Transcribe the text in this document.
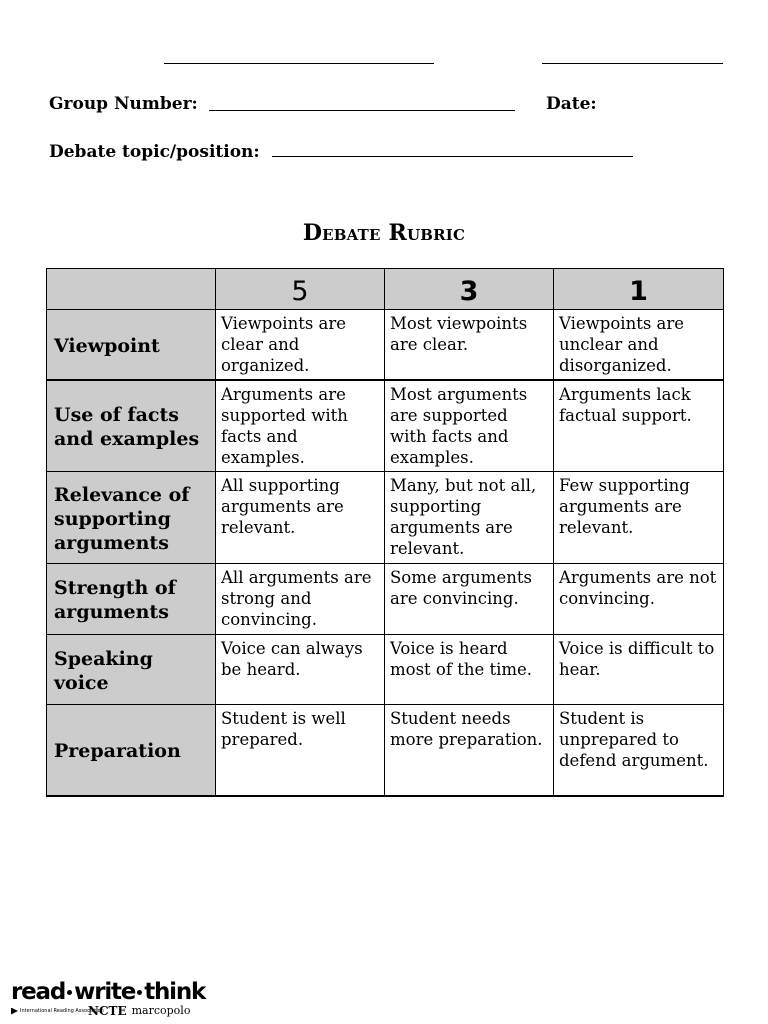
Group Number:	Date:
Debate topic/position:
Debate Rubric
	5	3	1
Viewpoint	Viewpoints are clear and organized.	Most viewpoints are clear.	Viewpoints are unclear and disorganized.
Use of facts and examples	Arguments are supported with facts and examples.	Most arguments are supported with facts and examples.	Arguments lack factual support.
Relevance of supporting arguments	All supporting arguments are relevant.	Many, but not all, supporting arguments are relevant.	Few supporting arguments are relevant.
Strength of arguments	All arguments are strong and convincing.	Some arguments are convincing.	Arguments are not convincing.
Speaking voice	Voice can always be heard.	Voice is heard most of the time.	Voice is difficult to hear.
Preparation	Student is well prepared.	Student needs more preparation.	Student is unprepared to defend argument.
read write think
International Reading AssociationNCTE marcopolo
